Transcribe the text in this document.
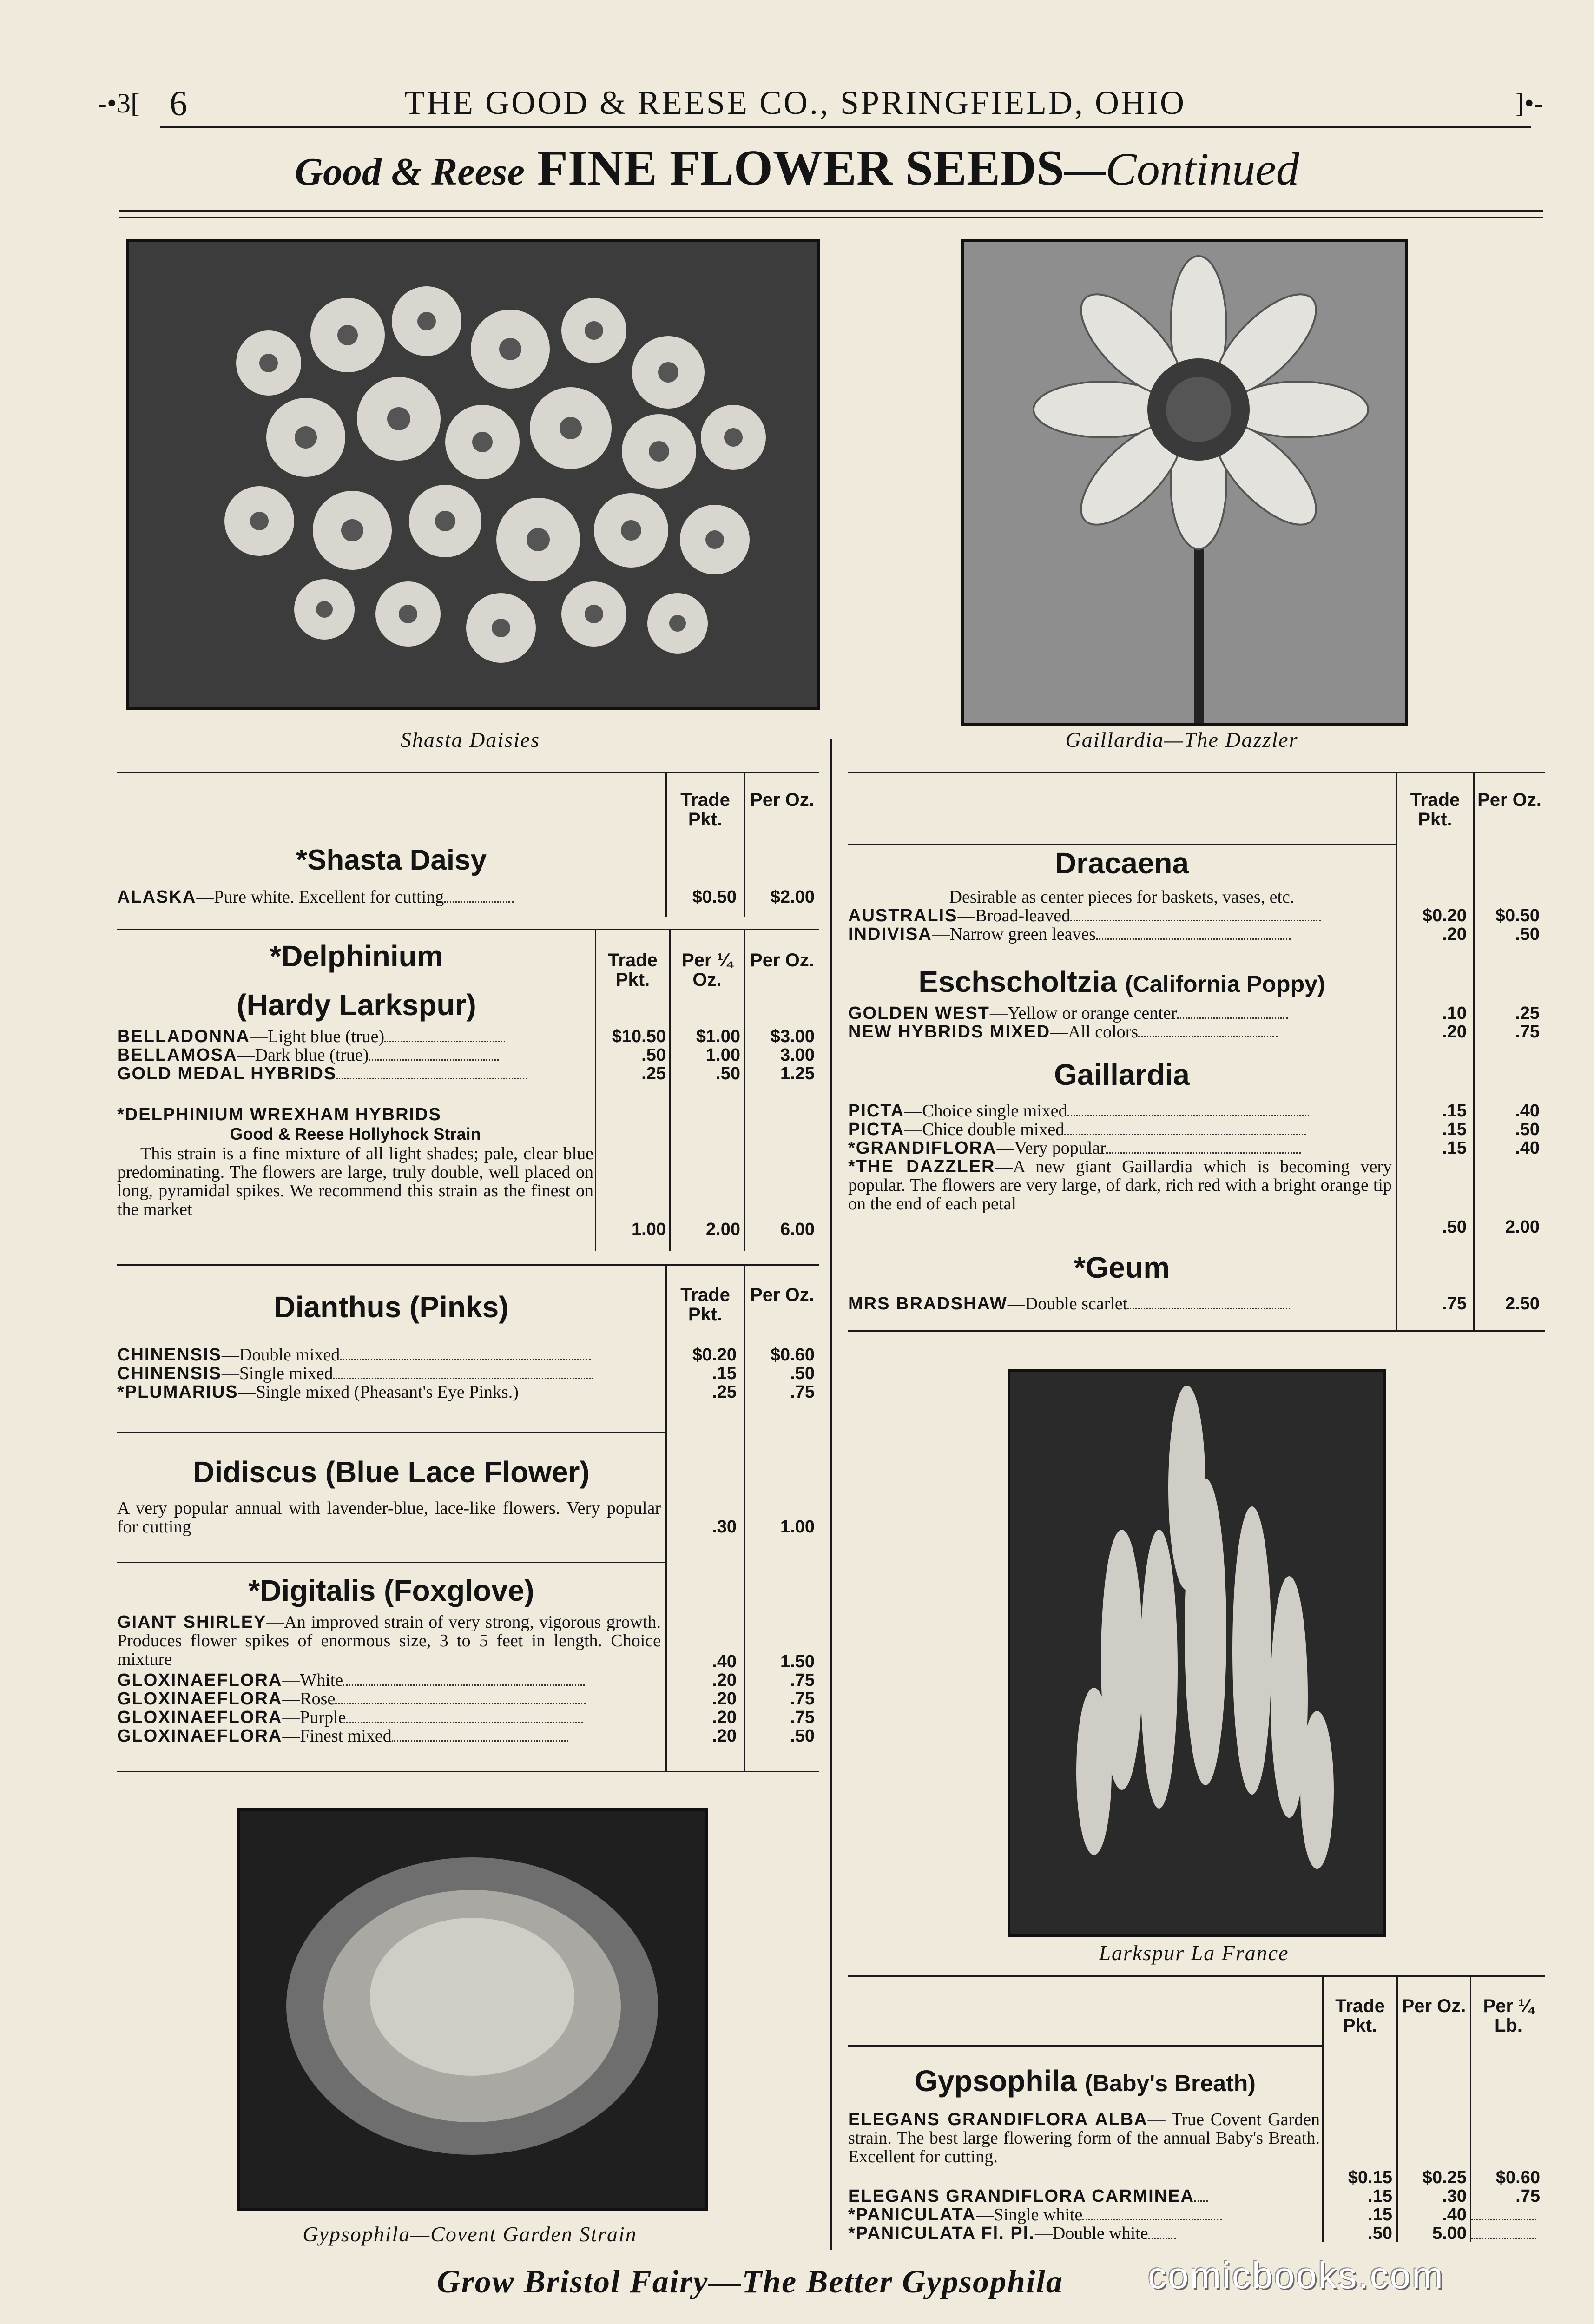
-•3[ 6	THE GOOD & REESE CO., SPRINGFIELD, OHIO	]•-
Good & Reese FINE FLOWER SEEDS—Continued
Shasta Daisies	Gaillardia—The Dazzler
Larkspur La France
Gypsophila—Covent Garden Strain
Trade Pkt.
Per Oz.
*Shasta Daisy
ALASKA—Pure white. Excellent for cutting	$0.50	$2.00
Trade Pkt.
Per ¼ Oz.
Per Oz.
*Delphinium
(Hardy Larkspur)
BELLADONNA—Light blue (true)	$10.50	$1.00	$3.00
BELLAMOSA—Dark blue (true)	.50	1.00	3.00
GOLD MEDAL HYBRIDS	.25	.50	1.25
*DELPHINIUM WREXHAM HYBRIDS
Good & Reese Hollyhock Strain
This strain is a fine mixture of all light shades; pale, clear blue predominating. The flowers are large, truly double, well placed on long, pyramidal spikes. We recommend this strain as the finest on the market
1.00	2.00	6.00
Trade Pkt.
Per Oz.
Dianthus (Pinks)
CHINENSIS—Double mixed	$0.20	$0.60
CHINENSIS—Single mixed	.15	.50
*PLUMARIUS—Single mixed (Pheasant's Eye Pinks.)	.25	.75
Didiscus (Blue Lace Flower)
A very popular annual with lavender-blue, lace-like flowers. Very popular for cutting	.30	1.00
*Digitalis (Foxglove)
GIANT SHIRLEY—An improved strain of very strong, vigorous growth. Produces flower spikes of enormous size, 3 to 5 feet in length. Choice mixture	.40	1.50
GLOXINAEFLORA—White	.20	.75
GLOXINAEFLORA—Rose	.20	.75
GLOXINAEFLORA—Purple	.20	.75
GLOXINAEFLORA—Finest mixed	.20	.50
Trade Pkt.
Per Oz.
Dracaena
Desirable as center pieces for baskets, vases, etc.
AUSTRALIS—Broad-leaved	$0.20	$0.50
INDIVISA—Narrow green leaves	.20	.50
Eschscholtzia (California Poppy)
GOLDEN WEST—Yellow or orange center	.10	.25
NEW HYBRIDS MIXED—All colors	.20	.75
Gaillardia
PICTA—Choice single mixed	.15	.40
PICTA—Chice double mixed	.15	.50
*GRANDIFLORA—Very popular	.15	.40
*THE DAZZLER—A new giant Gaillardia which is becoming very popular. The flowers are very large, of dark, rich red with a bright orange tip on the end of each petal
.50	2.00
*Geum
MRS BRADSHAW—Double scarlet	.75	2.50
Trade Pkt.
Per Oz. Per ¼ Lb.
Gypsophila (Baby's Breath)
ELEGANS GRANDIFLORA ALBA— True Covent Garden strain. The best large flowering form of the annual Baby's Breath. Excellent for cutting.
$0.15	$0.25	$0.60
ELEGANS GRANDIFLORA CARMINEA	.15	.30	.75
*PANICULATA—Single white	.15	.40
*PANICULATA Fl. Pl.—Double white	.50	5.00
Grow Bristol Fairy—The Better Gypsophila comicbooks.com
